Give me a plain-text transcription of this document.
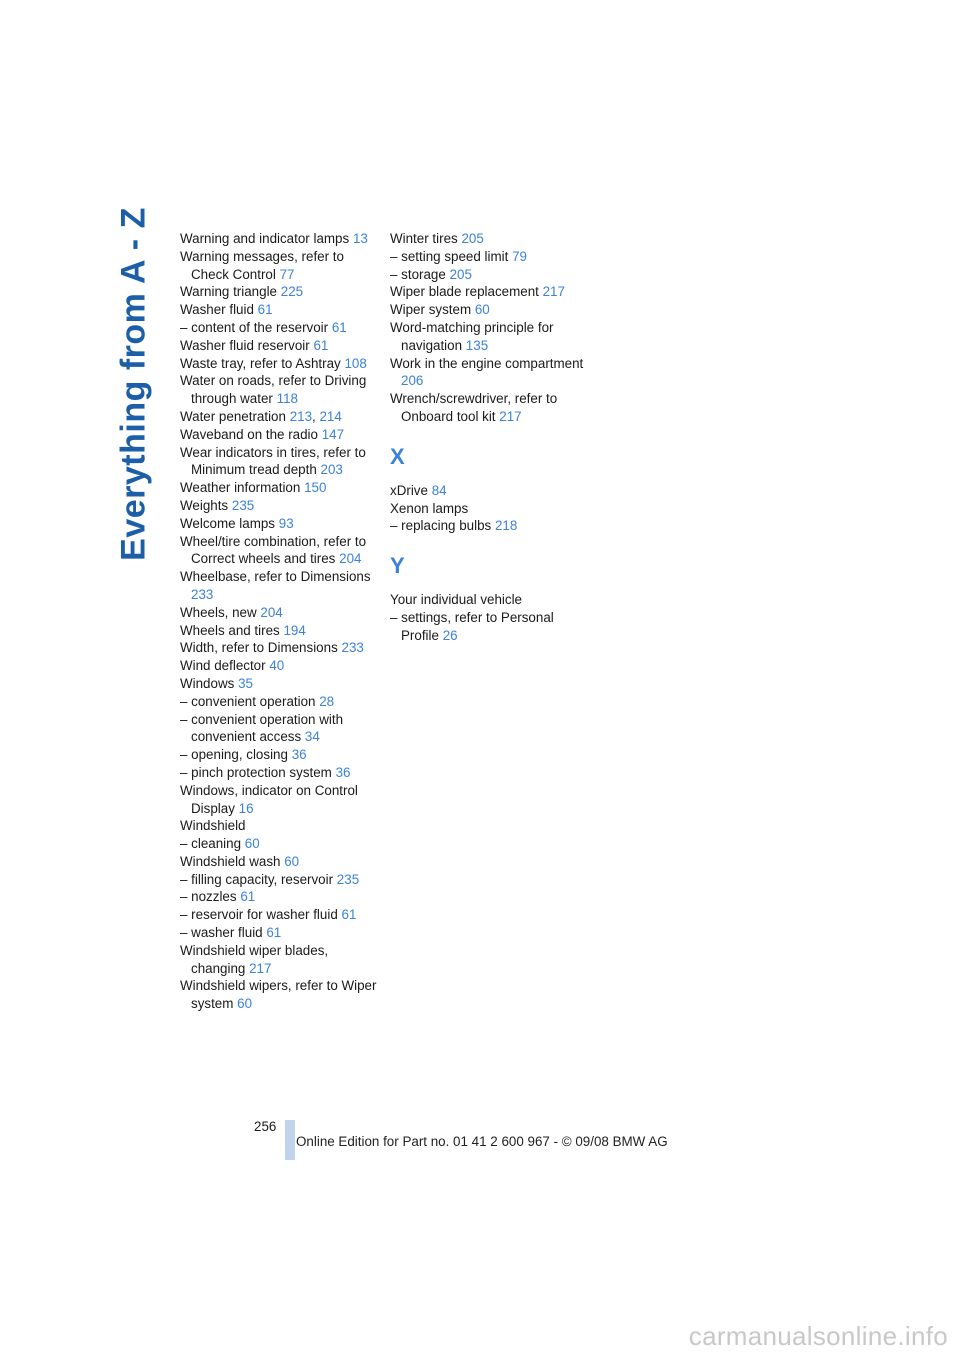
Everything from A - Z Warning and indicator lamps 13
Warning messages, refer to Check Control 77
Warning triangle 225
Washer fluid 61
– content of the reservoir 61
Washer fluid reservoir 61
Waste tray, refer to Ashtray 108
Water on roads, refer to Driving through water 118
Water penetration 213, 214
Waveband on the radio 147
Wear indicators in tires, refer to Minimum tread depth 203
Weather information 150
Weights 235
Welcome lamps 93
Wheel/tire combination, refer to Correct wheels and tires 204
Wheelbase, refer to Dimensions 233
Wheels, new 204
Wheels and tires 194
Width, refer to Dimensions 233
Wind deflector 40
Windows 35
– convenient operation 28
– convenient operation with convenient access 34
– opening, closing 36
– pinch protection system 36
Windows, indicator on Control Display 16
Windshield
– cleaning 60
Windshield wash 60
– filling capacity, reservoir 235
– nozzles 61
– reservoir for washer fluid 61
– washer fluid 61
Windshield wiper blades, changing 217
Windshield wipers, refer to Wiper system 60
Winter tires 205
– setting speed limit 79
– storage 205
Wiper blade replacement 217
Wiper system 60
Word-matching principle for navigation 135
Work in the engine compartment 206
Wrench/screwdriver, refer to Onboard tool kit 217
X
xDrive 84
Xenon lamps
– replacing bulbs 218
Y
Your individual vehicle
– settings, refer to Personal Profile 26
256
Online Edition for Part no. 01 41 2 600 967 - © 09/08 BMW AG
carmanualsonline.info
